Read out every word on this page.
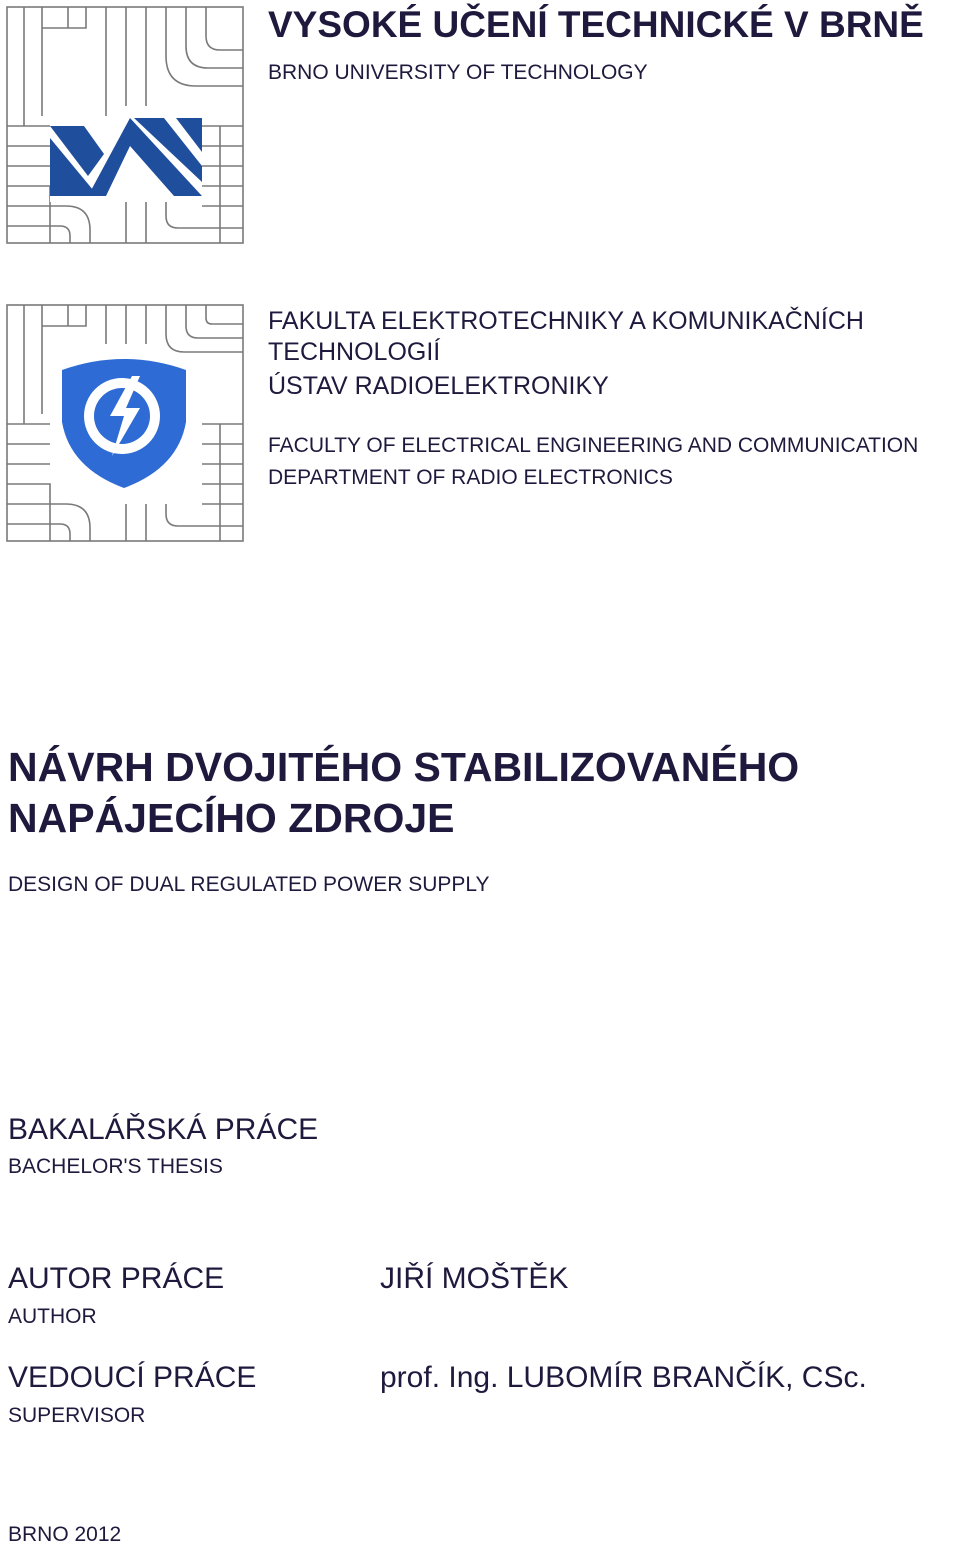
VYSOKÉ UČENÍ TECHNICKÉ V BRNĚ
BRNO UNIVERSITY OF TECHNOLOGY
FAKULTA ELEKTROTECHNIKY A KOMUNIKAČNÍCH TECHNOLOGIÍ
ÚSTAV RADIOELEKTRONIKY
FACULTY OF ELECTRICAL ENGINEERING AND COMMUNICATION
DEPARTMENT OF RADIO ELECTRONICS
NÁVRH DVOJITÉHO STABILIZOVANÉHO NAPÁJECÍHO ZDROJE
DESIGN OF DUAL REGULATED POWER SUPPLY
BAKALÁŘSKÁ PRÁCE
BACHELOR'S THESIS
AUTOR PRÁCE
AUTHOR
JIŘÍ MOŠTĚK
VEDOUCÍ PRÁCE
SUPERVISOR
prof. Ing. LUBOMÍR BRANČÍK, CSc.
BRNO 2012
